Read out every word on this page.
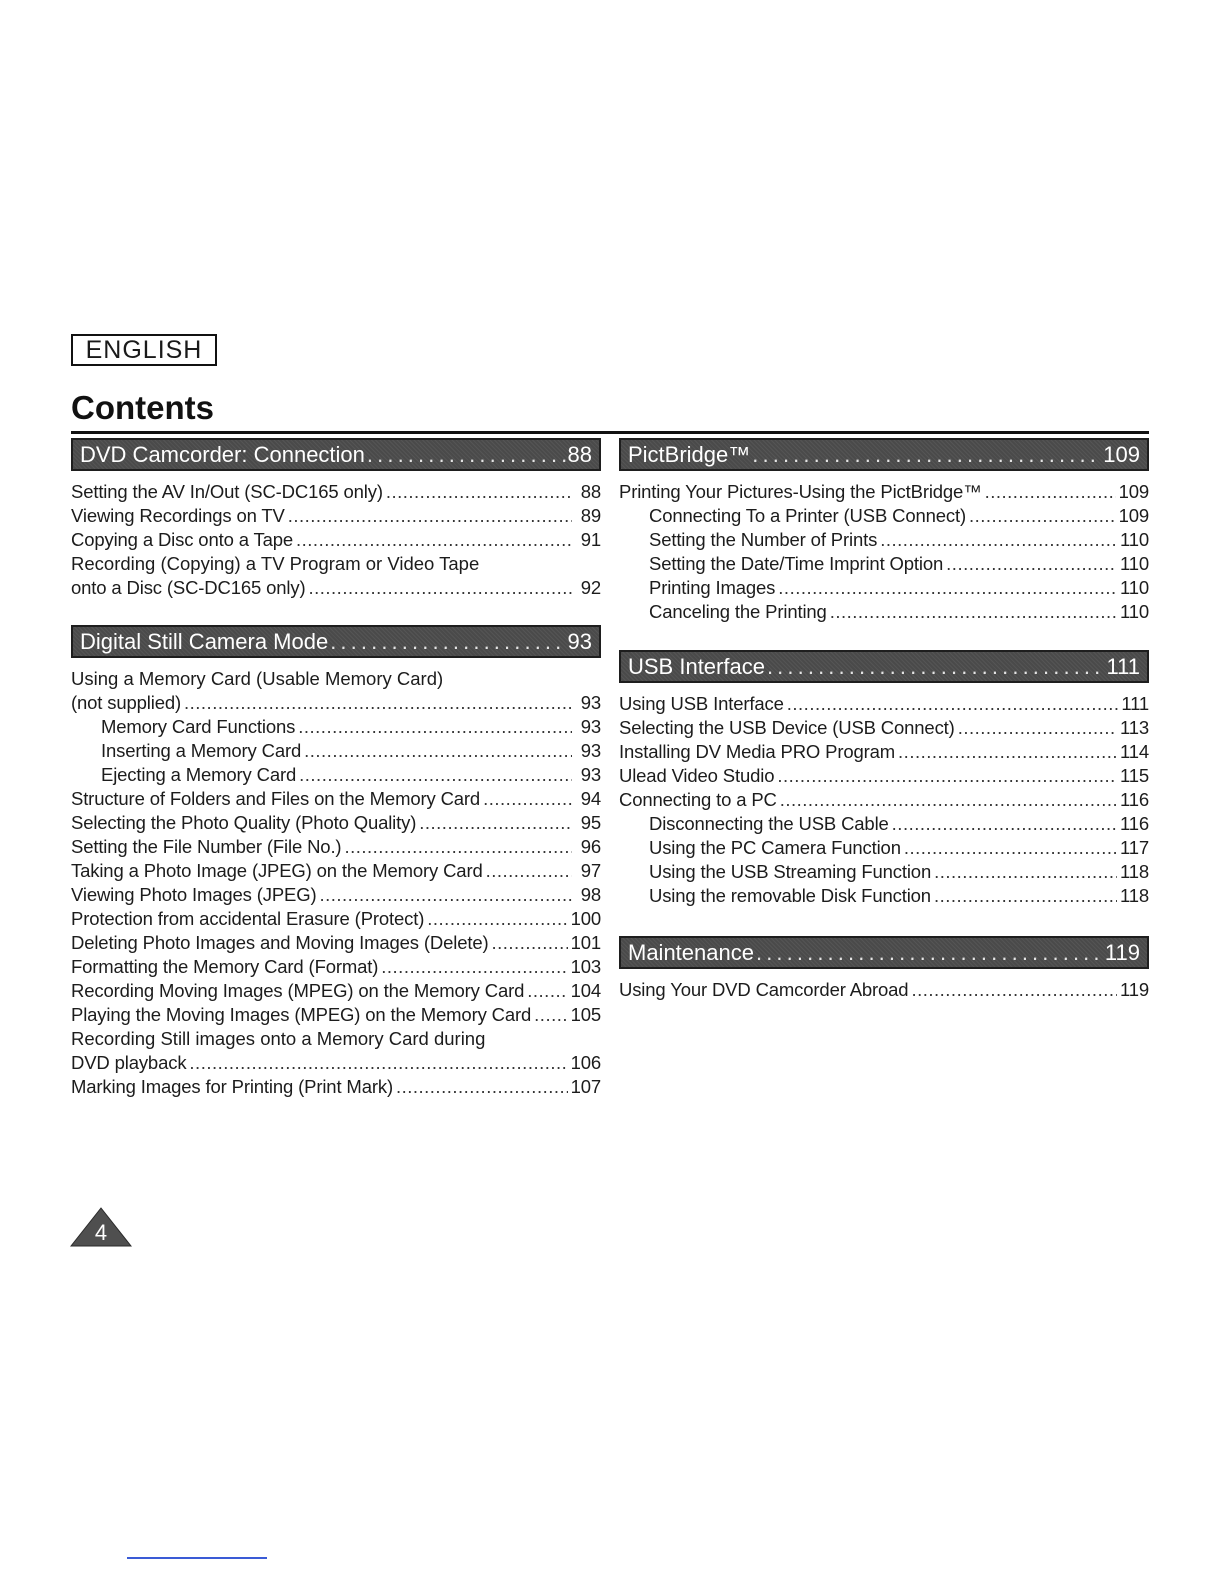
ENGLISH
Contents
DVD Camcorder: Connection . . .	88
Setting the AV In/Out (SC-DC165 only) .....	88
Viewing Recordings on TV .....	89
Copying a Disc onto a Tape .....	91
Recording (Copying) a TV Program or Video Tape
onto a Disc (SC-DC165 only) .....	92
Digital Still Camera Mode . . .	93
Using a Memory Card (Usable Memory Card)
(not supplied) .....	93
Memory Card Functions .....	93
Inserting a Memory Card .....	93
Ejecting a Memory Card .....	93
Structure of Folders and Files on the Memory Card .....	94
Selecting the Photo Quality (Photo Quality) .....	95
Setting the File Number (File No.) .....	96
Taking a Photo Image (JPEG) on the Memory Card .....	97
Viewing Photo Images (JPEG) .....	98
Protection from accidental Erasure (Protect) .....	100
Deleting Photo Images and Moving Images (Delete) .....	101
Formatting the Memory Card (Format) .....	103
Recording Moving Images (MPEG) on the Memory Card .....	104
Playing the Moving Images (MPEG) on the Memory Card ..... 105
Recording Still images onto a Memory Card during
DVD playback .....	106
Marking Images for Printing (Print Mark) .....	107
PictBridge™ . . .	109
Printing Your Pictures-Using the PictBridge™ .....	109
Connecting To a Printer (USB Connect) .....	109
Setting the Number of Prints .....	110
Setting the Date/Time Imprint Option .....	110
Printing Images .....	110
Canceling the Printing .....	110
USB Interface . . .	111
Using USB Interface .....	111
Selecting the USB Device (USB Connect) .....	113
Installing DV Media PRO Program .....	114
Ulead Video Studio .....	115
Connecting to a PC .....	116
Disconnecting the USB Cable .....	116
Using the PC Camera Function .....	117
Using the USB Streaming Function .....	118
Using the removable Disk Function .....	118
Maintenance . . .	119
Using Your DVD Camcorder Abroad .....	119
4
